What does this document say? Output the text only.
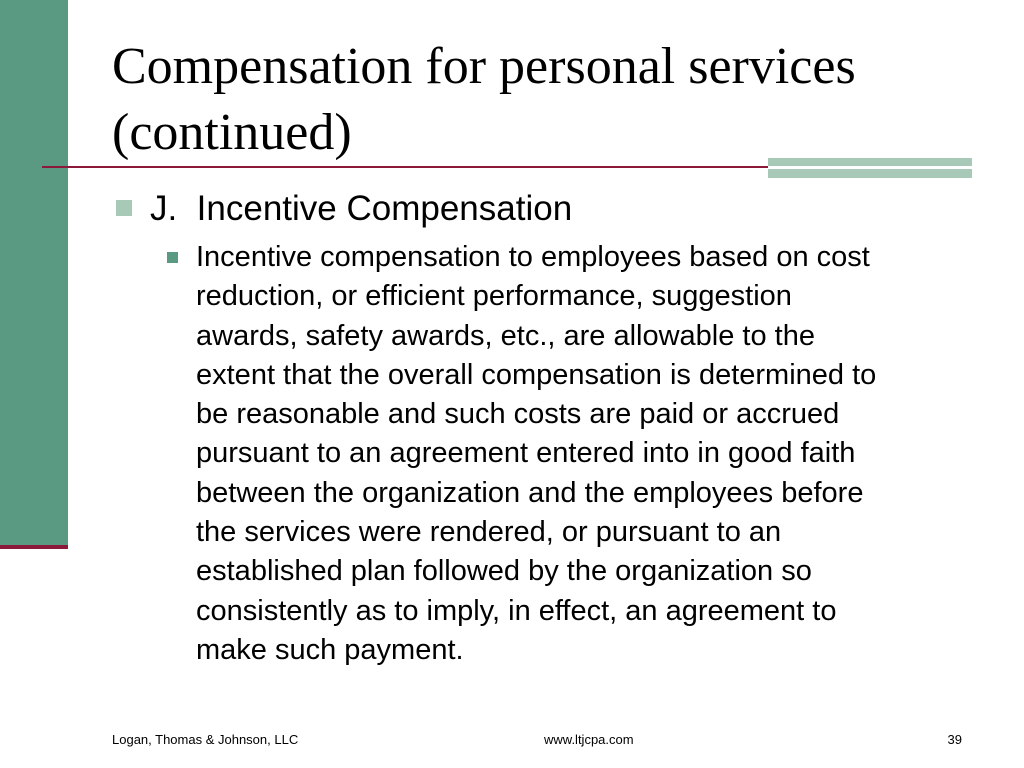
Compensation for personal services
(continued)

J.  Incentive Compensation

Incentive compensation to employees based on cost
reduction, or efficient performance, suggestion
awards, safety awards, etc., are allowable to the
extent that the overall compensation is determined to
be reasonable and such costs are paid or accrued
pursuant to an agreement entered into in good faith
between the organization and the employees before
the services were rendered, or pursuant to an
established plan followed by the organization so
consistently as to imply, in effect, an agreement to
make such payment.

Logan, Thomas & Johnson, LLC	www.ltjcpa.com	39
